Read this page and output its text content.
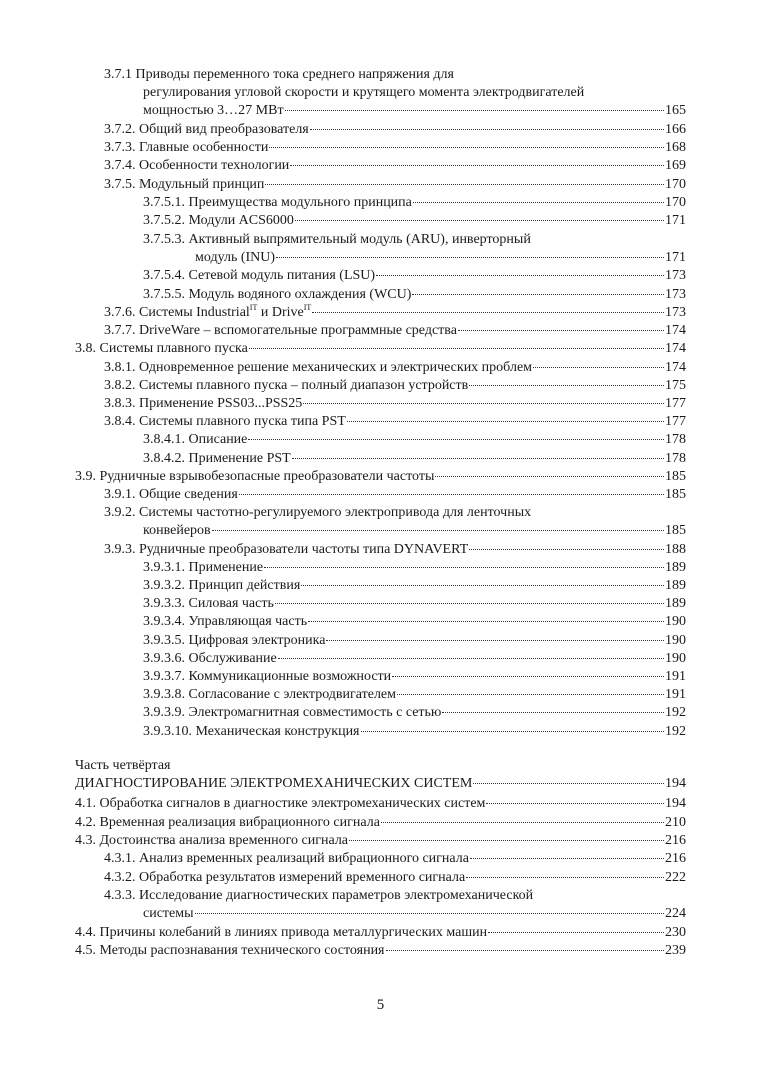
3.7.1 Приводы переменного тока среднего напряжения для
регулирования угловой скорости и крутящего момента электродвигателей
мощностью 3…27 МВт	165
3.7.2. Общий вид преобразователя	166
3.7.3. Главные особенности	168
3.7.4. Особенности технологии	169
3.7.5. Модульный принцип	170
3.7.5.1. Преимущества модульного принципа	170
3.7.5.2. Модули ACS6000	171
3.7.5.3. Активный выпрямительный модуль (ARU), инверторный
модуль (INU)	171
3.7.5.4. Сетевой модуль питания (LSU)	173
3.7.5.5. Модуль водяного охлаждения (WCU)	173
3.7.6. Системы Industrial$^{IT}$ и Drive$^{IT}$	173
3.7.7. DriveWare – вспомогательные программные средства	174
3.8. Системы плавного пуска	174
3.8.1. Одновременное решение механических и электрических проблем	174
3.8.2. Системы плавного пуска – полный диапазон устройств	175
3.8.3. Применение PSS03...PSS25	177
3.8.4. Системы плавного пуска типа PST	177
3.8.4.1. Описание	178
3.8.4.2. Применение PST	178
3.9. Рудничные взрывобезопасные преобразователи частоты	185
3.9.1. Общие сведения	185
3.9.2. Системы частотно-регулируемого электропривода для ленточных
конвейеров	185
3.9.3. Рудничные преобразователи частоты типа DYNAVERT	188
3.9.3.1. Применение	189
3.9.3.2. Принцип действия	189
3.9.3.3. Силовая часть	189
3.9.3.4. Управляющая часть	190
3.9.3.5. Цифровая электроника	190
3.9.3.6. Обслуживание	190
3.9.3.7. Коммуникационные возможности	191
3.9.3.8. Согласование с электродвигателем	191
3.9.3.9. Электромагнитная совместимость с сетью	192
3.9.3.10. Механическая конструкция	192
Часть четвёртая
ДИАГНОСТИРОВАНИЕ ЭЛЕКТРОМЕХАНИЧЕСКИХ СИСТЕМ	194
4.1. Обработка сигналов в диагностике электромеханических систем	194
4.2. Временная реализация вибрационного сигнала	210
4.3. Достоинства анализа временного сигнала	216
4.3.1. Анализ временных реализаций вибрационного сигнала	216
4.3.2. Обработка результатов измерений временного сигнала	222
4.3.3. Исследование диагностических параметров электромеханической
системы	224
4.4. Причины колебаний в линиях привода металлургических машин	230
4.5. Методы распознавания технического состояния	239
5
